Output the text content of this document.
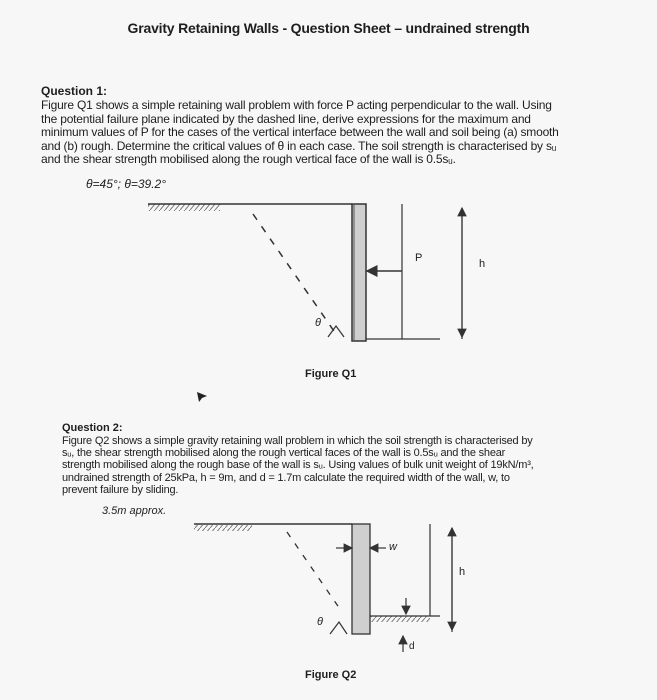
Gravity Retaining Walls - Question Sheet – undrained strength
Question 1:
Figure Q1 shows a simple retaining wall problem with force P acting perpendicular to the wall. Using
the potential failure plane indicated by the dashed line, derive expressions for the maximum and
minimum values of P for the cases of the vertical interface between the wall and soil being (a) smooth
and (b) rough. Determine the critical values of θ in each case. The soil strength is characterised by sᵤ
and the shear strength mobilised along the rough vertical face of the wall is 0.5sᵤ.
θ=45°; θ=39.2°
θ
P	h
Figure Q1
Question 2:
Figure Q2 shows a simple gravity retaining wall problem in which the soil strength is characterised by
sᵤ, the shear strength mobilised along the rough vertical faces of the wall is 0.5sᵤ and the shear
strength mobilised along the rough base of the wall is sᵤ. Using values of bulk unit weight of 19kN/m³,
undrained strength of 25kPa, h = 9m, and d = 1.7m calculate the required width of the wall, w, to
prevent failure by sliding.
3.5m approx.
w
θ
h
d
Figure Q2
